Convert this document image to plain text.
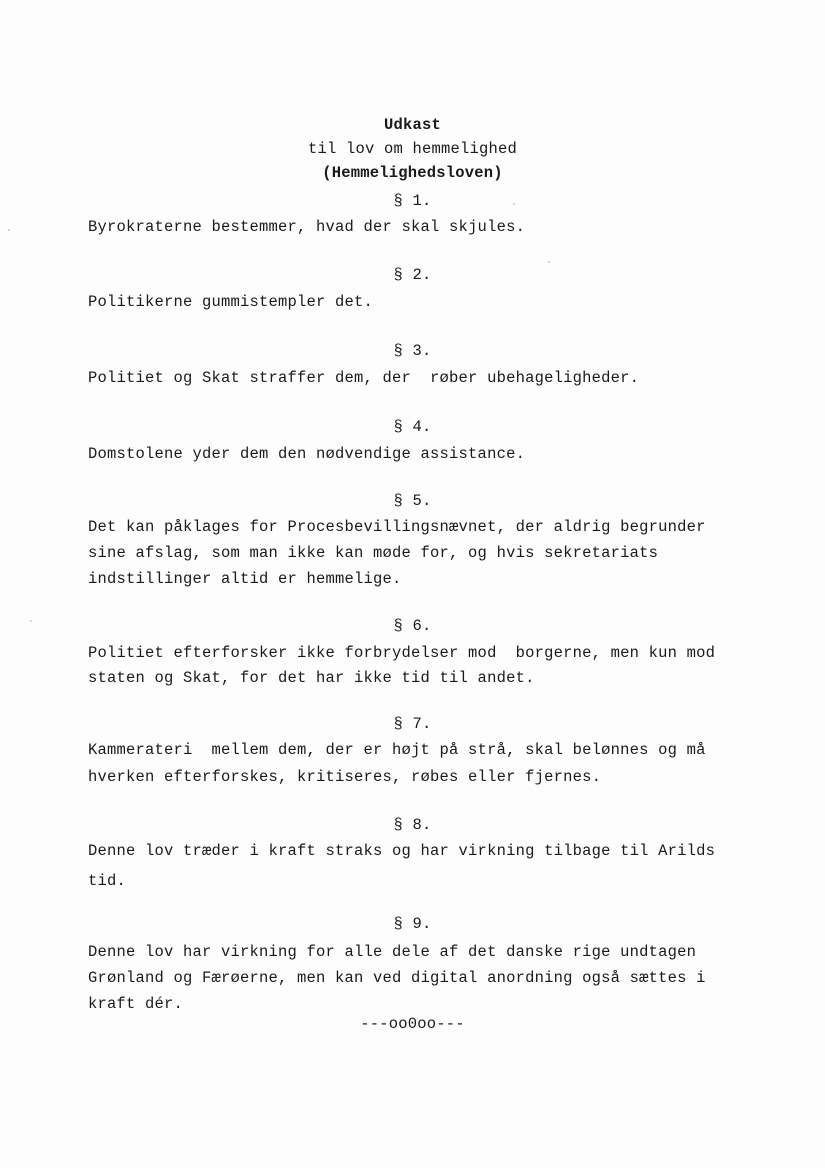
Udkast
til lov om hemmelighed
(Hemmelighedsloven)
§ 1.
Byrokraterne bestemmer, hvad der skal skjules.
§ 2.
Politikerne gummistempler det.
§ 3.
Politiet og Skat straffer dem, der  røber ubehageligheder.
§ 4.
Domstolene yder dem den nødvendige assistance.
§ 5.
Det kan påklages for Procesbevillingsnævnet, der aldrig begrunder
sine afslag, som man ikke kan møde for, og hvis sekretariats
indstillinger altid er hemmelige.
§ 6.
Politiet efterforsker ikke forbrydelser mod  borgerne, men kun mod
staten og Skat, for det har ikke tid til andet.
§ 7.
Kammerateri  mellem dem, der er højt på strå, skal belønnes og må
hverken efterforskes, kritiseres, røbes eller fjernes.
§ 8.
Denne lov træder i kraft straks og har virkning tilbage til Arilds
tid.
§ 9.
Denne lov har virkning for alle dele af det danske rige undtagen
Grønland og Færøerne, men kan ved digital anordning også sættes i
kraft dér.
---oo0oo---
